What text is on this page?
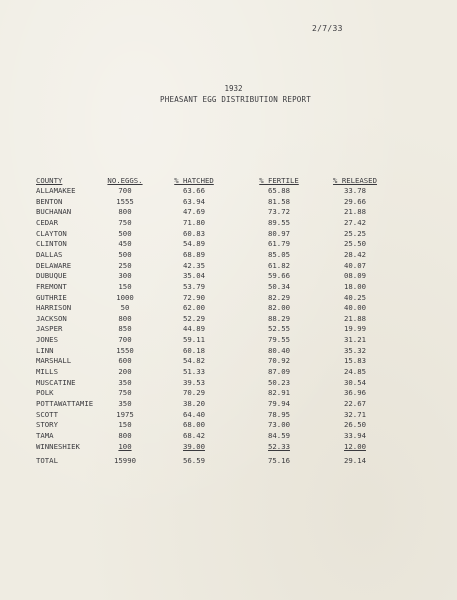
2/7/33
1932
PHEASANT EGG DISTRIBUTION REPORT
COUNTY	NO.EGGS.	% HATCHED	% FERTILE	% RELEASED
ALLAMAKEE	700	63.66	65.88	33.78
BENTON	1555	63.94	81.58	29.66
BUCHANAN	800	47.69	73.72	21.88
CEDAR	750	71.80	89.55	27.42
CLAYTON	500	60.83	80.97	25.25
CLINTON	450	54.89	61.79	25.50
DALLAS	500	68.89	85.05	28.42
DELAWARE	250	42.35	61.82	40.07
DUBUQUE	300	35.04	59.66	08.09
FREMONT	150	53.79	50.34	18.00
GUTHRIE	1000	72.90	82.29	40.25
HARRISON	50	62.00	82.00	40.00
JACKSON	800	52.29	88.29	21.88
JASPER	850	44.89	52.55	19.99
JONES	700	59.11	79.55	31.21
LINN	1550	60.18	80.40	35.32
MARSHALL	600	54.82	70.92	15.83
MILLS	200	51.33	87.09	24.85
MUSCATINE	350	39.53	50.23	30.54
POLK	750	70.29	82.91	36.96
POTTAWATTAMIE	350	38.20	79.94	22.67
SCOTT	1975	64.40	78.95	32.71
STORY	150	68.00	73.00	26.50
TAMA	800	68.42	84.59	33.94
WINNESHIEK	100	39.00	52.33	12.00
TOTAL	15990	56.59	75.16	29.14
